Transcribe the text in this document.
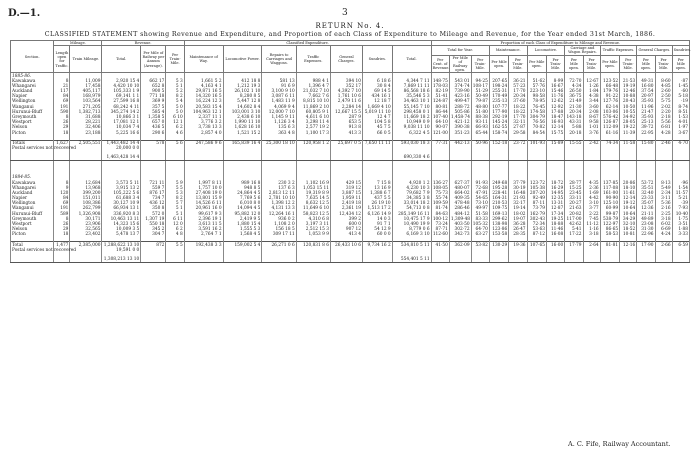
D.—1.	3
RETURN No. 4.
CLASSIFIED STATEMENT showing Revenue and Expenditure, and Proportion of each Class of Expenditure to Mileage and Revenue, for the Year ended 31st March, 1886.
Section.	Mileage.		Revenue.			Classified Expenditure.							Proportion of each Class of Expenditure to Mileage and Revenue.													
	Length open for Traffic.	Train Mileage.	Total.	Per Mile of Railway per Annum (Average).	Per Train-Mile.	Maintenance of Way.	Locomotive Power.	Repairs to Carriages and Waggons.	Traffic Expenses.	General Charges.	Sundries.	Total.	Total for Year.			Maintenance.		Locomotive.		Carriage and Wagon Repairs.		Traffic Expenses.		General Charges.		Sundries.
													Per Cent. of Revenue.	Per Mile of Railway open.	Per Train-Mile.	Per Mile open.	Per Train-Mile.	Per Mile open.	Per Train-Mile.	Per Mile open.	Per Train-Mile.	Per Mile open.	Per Train-Mile.	Per Mile open.	Per Train-Mile.	Per Mile open.
1885-86.																										
Kawakawa	8	11,009	2,920 15 4	662 17	5 3	1,661 5 2	412 18 8	581 13	988 4 1	394 10	6 18 6	4,344 7 11	148·75	543 01	94·25	207·65	36·21	51·62	8·99	72·70	12·67	123·52	21·53	49·31	8·60	·87
Whangarei	21	17,458	4,420 10 10	652 8	5 1	4,163 4 1	1,212 19 3	91 6 9	1,396 4 7	352 17	30 8 4	7,869 11 11	178·03	374·74	108·17	198·24	57·23	57·76	16·67	4·34	1·26	66·48	19·19	16·80	4·85	1·45
Auckland	117	405,117	105,333 1 9	900 5	5 2	29,871 16 5	26,102 1 10	3,100 9 10	21,032 7 10	4,392 7 10	69 14 5	86,568 18 6	82·19	739·90	51·29	255·31	17·70	223·10	15·46	26·50	1·84	179·76	12·46	37·54	2·60	·60
Napier	84	168,979	69,141 1 1	771 18	8 2	14,320 16 5	8,280 8 5	3,087 6 11	7,662 7 6	1,761 10 6	434 16 1	35,546 5 3	51·41	423·16	50·49	170·49	20·34	98·58	11·76	36·75	4·38	91·22	10·88	20·97	2·50	5·18
Wellington	69	103,564	27,599 16 8	369 9	5 4	16,224 12 3	5,447 12 8	1,483 11 9	8,815 10 10	2,479 11 6	12 18 7	34,463 10 1	124·87	499·47	79·87	235·13	37·60	78·95	12·62	21·49	3·44	127·76	20·43	35·93	5·75	·19
Wanganui	191	271,205	68,242 4 11	357 5	5 0	20,583 15 4	14,602 8 4	4,069 9 4	11,869 2 10	2,284 14	1,669 4 10	55,145 7 10	80·81	288·72	48·80	107·77	18·22	76·45	12·92	21·30	3·60	62·14	10·50	11·96	2·02	8·74
Hurunui-Bluff	590	1,382,713	345,274 14 2	585 4	5 0	104,963 12 1	103,001 3 10	12,000 7 10	60,805 9 1	12,667 15 5	5,019 11 10	298,458 0 1	86·44	505·86	51·80	177·90	18·22	174·58	17·88	20·34	2·08	103·06	10·55	21·47	2·20	8·51
Greymouth	8	31,688	10,866 3 1	1,358 5	6 10	2,337 11 1	2,438 6 10	1,145 9 11	4,611 6 10	287 9	12 4 7	11,669 18 2	107·40	1,458·74	88·38	292·19	17·70	304·79	18·47	143·18	8·67	576·42	34·92	35·93	2·18	1·53
Westport	26	28,221	17,081 12 1	657 0	12 1	3,776 3 2	1,990 11 10	1,126 3 4	3,298 11 4	653 5	104 5 8	10,949 0 9	64·10	421·12	93·11	145·24	32·11	76·56	16·93	43·31	9·58	126·87	28·05	25·13	5·56	4·01
Nelson	29	32,406	10,034 7 4	436 5	6 2	3,738 13 3	1,628 16 10	135 6 3	2,577 19 2	913 8	45 7 5	9,038 11 10	90·07	390·38	66·93	162·55	27·87	70·82	12·14	5·88	1·01	112·09	19·22	39·72	6·81	1·97
Picton	18	23,188	5,225 16 6	290 6	4 6	2,857 4 0	1,521 15 2	363 4 8	1,100 17 3	413 3	66 0 5	6,322 4 5	121·00	351·23	65·44	158·74	29·58	84·54	15·75	20·18	3·76	61·16	11·39	22·95	4·28	3·67

Totals	1,627	2,505,551	1,443,482 14 4	578	5 6	247,586 9 6	165,839 16 4	25,300 18 10	120,958 1 2	25,697 0 5	7,650 11 11	593,030 18 3	77·31	442·13	50·96	152·18	23·72	101·93	15·89	15·55	2·42	74·34	11·58	15·80	2·46	4·70
Postal services not recovered			20,000 0 0																							

			1,463,428 14 4									690,330 4 6														

1884-85.																										
Kawakawa	8	12,684	3,573 5 11	721 11	5 9	1,997 8 11	989 16 8	230 3 2	1,102 16 9	429 15	7 15 8	4,920 1 2	136·27	627·37	91·93	249·68	37·79	123·72	18·72	28·77	4·35	137·85	20·86	53·72	8·13	·96
Whangarei	9	13,968	3,915 13 2	559 7	5 5	1,757 10 0	948 8 5	137 6 3	1,053 15 11	319 12	13 16 9	4,230 10 3	108·05	480·07	72·68	195·28	30·19	105·38	16·29	15·25	2·36	117·08	18·10	35·51	5·49	1·54
Auckland	120	399,200	105,222 5 6	876 17	5 3	27,408 19 0	24,864 4 5	2,813 12 11	19,319 8 9	3,887 15	1,388 6 7	79,682 7 9	75·73	664·02	47·91	228·41	16·48	207·20	14·95	23·45	1·69	161·00	11·61	32·40	2·34	11·57
Napier	84	151,011	61,688 3 4	734 7	8 2	13,801 15 9	7,769 5 6	2,781 10 10	7,635 14 5	1,959 11	437 5 5	34,385 3 8	55·74	409·35	54·65	164·31	21·93	92·49	12·35	33·11	4·42	90·90	12·14	23·33	3·11	5·21
Wellington	69	108,386	30,127 10 9	436 12	5 7	14,526 6 11	6,010 8 0	1,398 12 2	8,632 12 5	2,419 18	26 19 10	33,014 18 2	109·59	478·48	73·10	210·53	32·17	87·11	13·31	20·27	3·10	125·10	19·12	35·07	5·36	·39
Wanganui	191	262,799	66,934 13 1	350 8	5 1	20,961 16 0	14,094 4 5	4,131 13 3	11,649 6 10	2,361 19	1,513 17 2	54,713 0 8	81·74	286·46	49·97	109·75	19·14	73·79	12·87	21·63	3·77	60·99	10·64	12·36	2·16	7·93
Hurunui-Bluff	589	1,326,908	336,920 8 3	572 0	5 1	99,617 9 3	95,882 12 0	12,264 16 1	58,823 12 5	12,434 12	6,126 14 9	285,149 16 11	84·63	484·12	51·58	169·13	18·02	162·79	17·34	20·82	2·22	99·87	10·64	21·11	2·25	10·40
Greymouth	8	30,171	10,463 13 11	1,307 19	6 11	2,396 19 1	2,419 9 5	936 0 2	4,310 6 8	399 2	14 0 3	10,475 17 9	100·12	1,309·48	83·33	299·62	19·07	302·43	19·25	117·00	7·45	538·79	34·29	49·89	3·18	1·75
Westport	26	23,906	14,323 15 6	550 18	12 0	3,613 11 5	1,880 15 4	1,108 2 0	3,197 3 11	600 0	91 7 1	10,490 19 9	73·24	403·50	105·32	138·98	36·28	72·34	18·88	42·62	11·12	122·97	32·10	23·08	6·02	3·51
Nelson	29	32,565	10,009 3 5	345 2	6 2	3,591 16 2	1,555 5 3	156 18 5	2,512 15 3	907 12	54 12 9	8,779 0 6	87·71	302·72	64·70	123·86	26·47	53·63	11·46	5·41	1·16	86·65	18·52	31·30	6·69	1·88
Picton	18	23,402	5,478 13 7	304 7	4 8	2,764 7 1	1,568 4 5	309 17 11	1,053 9 9	413 4	60 0 0	6,169 3 10	112·60	342·73	63·27	153·58	28·35	87·12	16·08	17·22	3·18	58·53	10·81	22·96	4·24	3·33

Total	1,477	2,385,000	1,288,622 13 10	872	5 5	192,438 3 3	159,002 5 4	26,271 0 6	120,831 8 6	26,433 10 6	9,734 16 2	534,810 5 11	41·50	362·09	53·82	130·29	19·36	107·65	16·00	17·79	2·64	81·81	12·16	17·90	2·66	6·59
Postal services not recovered			19,591 0 0																							

			1,308,213 13 10									554,401 5 11														
A. C. Fife, Railway Accountant.
